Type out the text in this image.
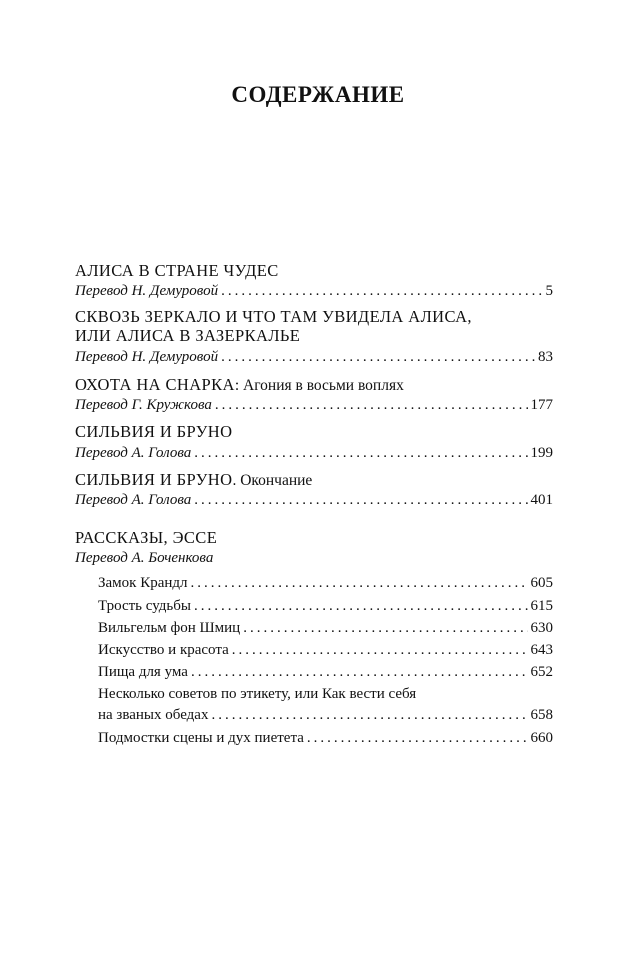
СОДЕРЖАНИЕ
АЛИСА В СТРАНЕ ЧУДЕС
Перевод Н. Демуровой .....	5
СКВОЗЬ ЗЕРКАЛО И ЧТО ТАМ УВИДЕЛА АЛИСА,
ИЛИ АЛИСА В ЗАЗЕРКАЛЬЕ
Перевод Н. Демуровой .....	83
ОХОТА НА СНАРКА: Агония в восьми воплях
Перевод Г. Кружкова .....	177
СИЛЬВИЯ И БРУНО
Перевод А. Голова .....	199
СИЛЬВИЯ И БРУНО. Окончание
Перевод А. Голова .....	401
РАССКАЗЫ, ЭССЕ
Перевод А. Боченкова
Замок Крандл .....	605
Трость судьбы .....	615
Вильгельм фон Шмиц .....	630
Искусство и красота .....	643
Пища для ума .....	652
Несколько советов по этикету, или Как вести себя
на званых обедах .....	658
Подмостки сцены и дух пиетета .....	660
